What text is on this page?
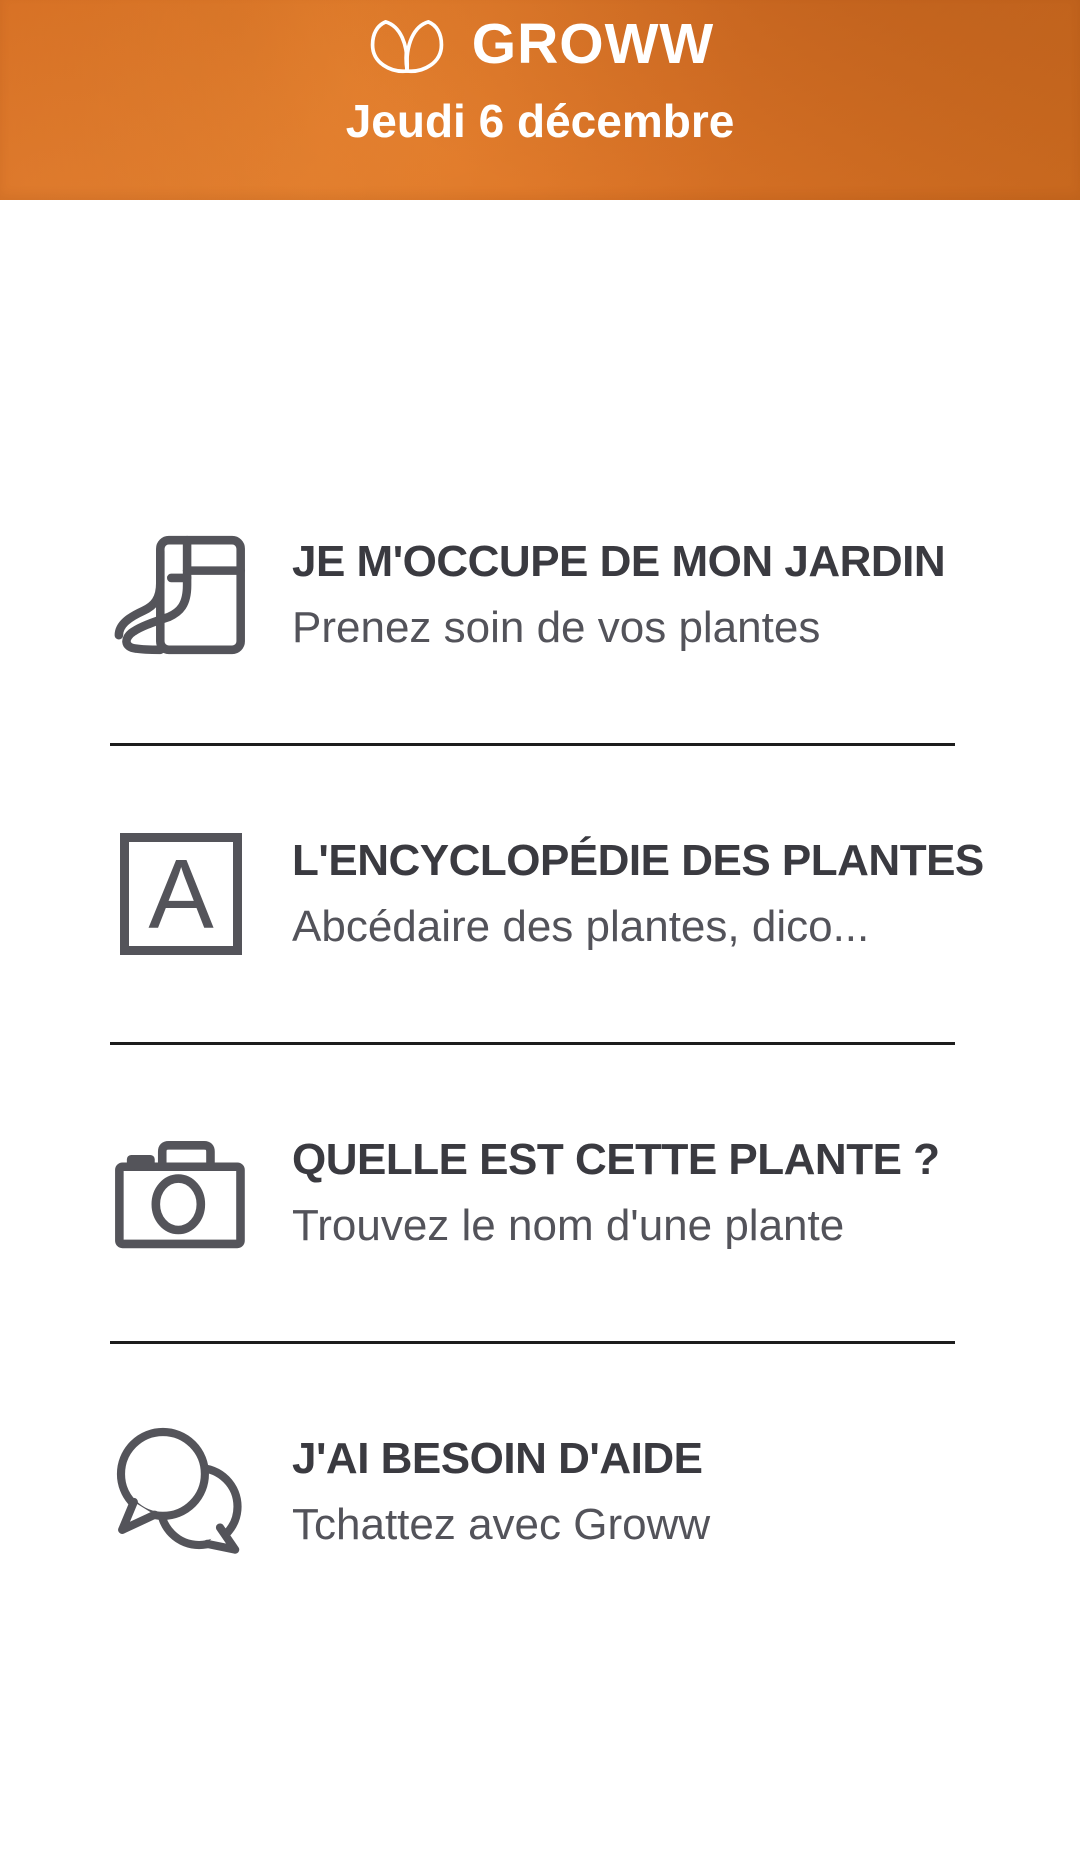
GROWW
Jeudi 6 décembre
JE M'OCCUPE DE MON JARDIN
Prenez soin de vos plantes
A	L'ENCYCLOPÉDIE DES PLANTES
Abcédaire des plantes, dico...
QUELLE EST CETTE PLANTE ?
Trouvez le nom d'une plante
J'AI BESOIN D'AIDE
Tchattez avec Groww
